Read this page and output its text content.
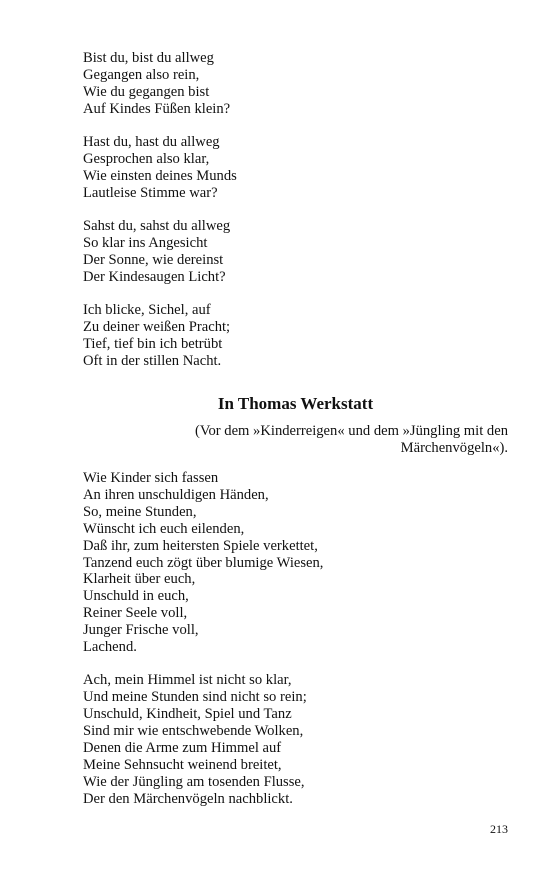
Bist du, bist du allweg
Gegangen also rein,
Wie du gegangen bist
Auf Kindes Füßen klein?
Hast du, hast du allweg
Gesprochen also klar,
Wie einsten deines Munds
Lautleise Stimme war?
Sahst du, sahst du allweg
So klar ins Angesicht
Der Sonne, wie dereinst
Der Kindesaugen Licht?
Ich blicke, Sichel, auf
Zu deiner weißen Pracht;
Tief, tief bin ich betrübt
Oft in der stillen Nacht.
In Thomas Werkstatt
(Vor dem »Kinderreigen« und dem »Jüngling mit den
Märchenvögeln«).
Wie Kinder sich fassen
An ihren unschuldigen Händen,
So, meine Stunden,
Wünscht ich euch eilenden,
Daß ihr, zum heitersten Spiele verkettet,
Tanzend euch zögt über blumige Wiesen,
Klarheit über euch,
Unschuld in euch,
Reiner Seele voll,
Junger Frische voll,
Lachend.
Ach, mein Himmel ist nicht so klar,
Und meine Stunden sind nicht so rein;
Unschuld, Kindheit, Spiel und Tanz
Sind mir wie entschwebende Wolken,
Denen die Arme zum Himmel auf
Meine Sehnsucht weinend breitet,
Wie der Jüngling am tosenden Flusse,
Der den Märchenvögeln nachblickt.
213
